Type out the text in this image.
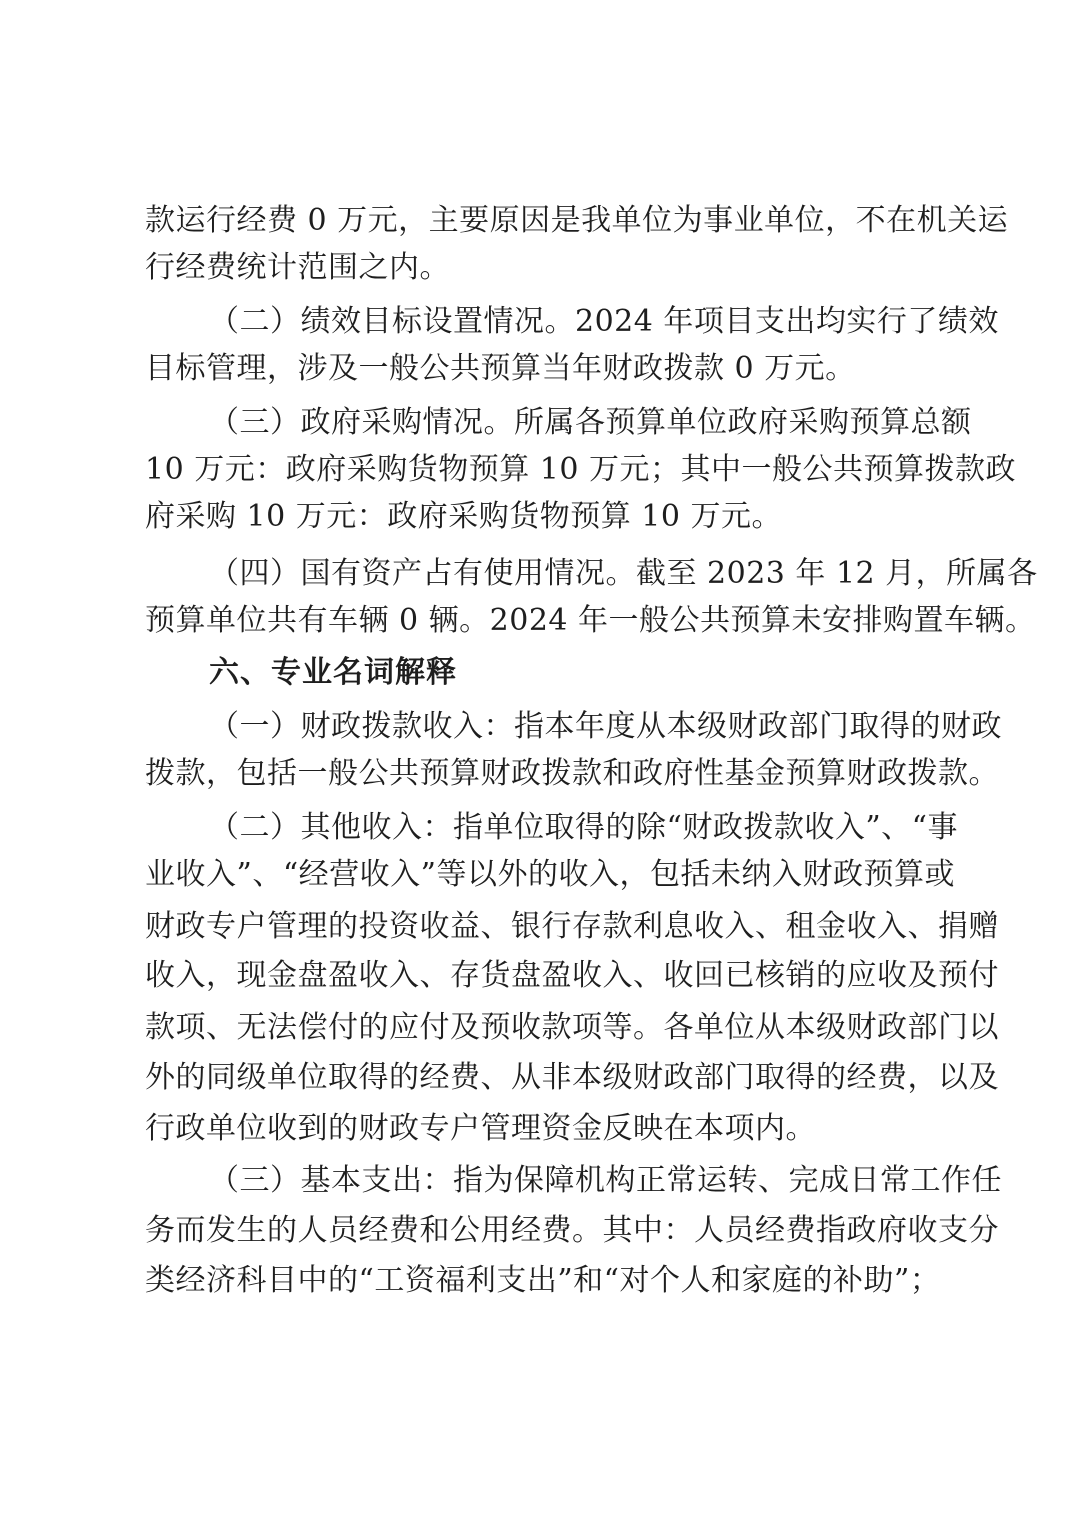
款运行经费 0 万元，主要原因是我单位为事业单位，不在机关运
行经费统计范围之内。
（二）绩效目标设置情况。2024 年项目支出均实行了绩效
目标管理，涉及一般公共预算当年财政拨款 0 万元。
（三）政府采购情况。所属各预算单位政府采购预算总额
10 万元：政府采购货物预算 10 万元；其中一般公共预算拨款政
府采购 10 万元：政府采购货物预算 10 万元。
（四）国有资产占有使用情况。截至 2023 年 12 月，所属各
预算单位共有车辆 0 辆。2024 年一般公共预算未安排购置车辆。
六、专业名词解释
（一）财政拨款收入：指本年度从本级财政部门取得的财政
拨款，包括一般公共预算财政拨款和政府性基金预算财政拨款。
（二）其他收入：指单位取得的除“财政拨款收入”、“事
业收入”、“经营收入”等以外的收入，包括未纳入财政预算或
财政专户管理的投资收益、银行存款利息收入、租金收入、捐赠
收入，现金盘盈收入、存货盘盈收入、收回已核销的应收及预付
款项、无法偿付的应付及预收款项等。各单位从本级财政部门以
外的同级单位取得的经费、从非本级财政部门取得的经费，以及
行政单位收到的财政专户管理资金反映在本项内。
（三）基本支出：指为保障机构正常运转、完成日常工作任
务而发生的人员经费和公用经费。其中：人员经费指政府收支分
类经济科目中的“工资福利支出”和“对个人和家庭的补助”；
